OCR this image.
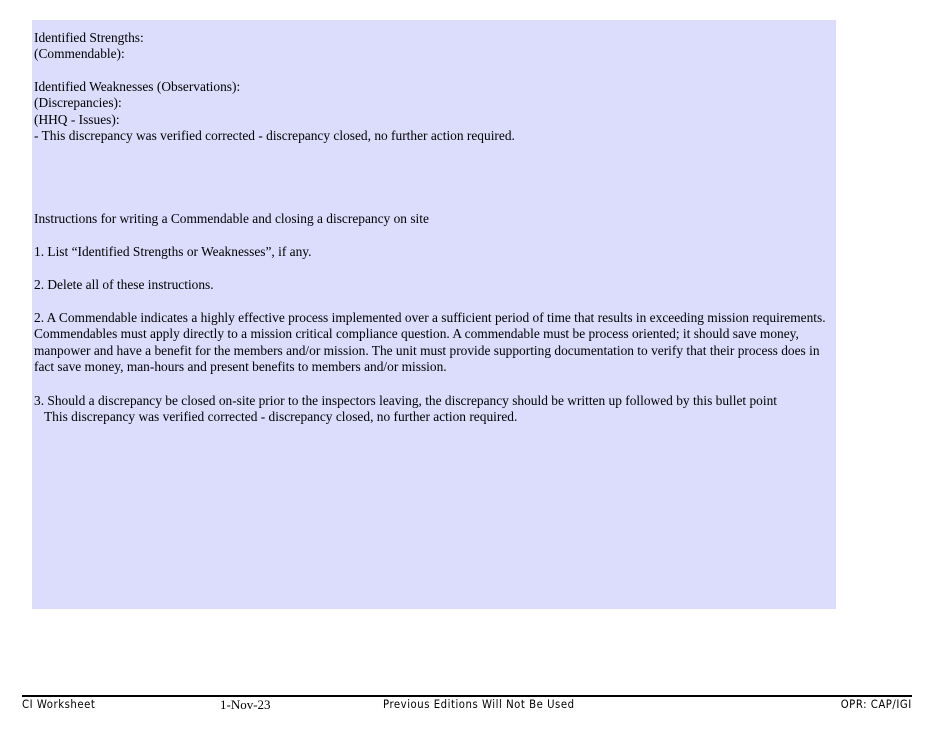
Identified Strengths:
(Commendable):
Identified Weaknesses (Observations):
(Discrepancies):
(HHQ - Issues):
- This discrepancy was verified corrected - discrepancy closed, no further action required.
Instructions for writing a Commendable and closing a discrepancy on site
1. List “Identified Strengths or Weaknesses”, if any.
2. Delete all of these instructions.
2. A Commendable indicates a highly effective process implemented over a sufficient period of time that results in exceeding mission requirements. Commendables must apply directly to a mission critical compliance question. A commendable must be process oriented; it should save money, manpower and have a benefit for the members and/or mission. The unit must provide supporting documentation to verify that their process does in fact save money, man-hours and present benefits to members and/or mission.
3. Should a discrepancy be closed on-site prior to the inspectors leaving, the discrepancy should be written up followed by this bullet point
This discrepancy was verified corrected - discrepancy closed, no further action required.
CI Worksheet	1-Nov-23	Previous Editions Will Not Be Used	OPR: CAP/IGI
